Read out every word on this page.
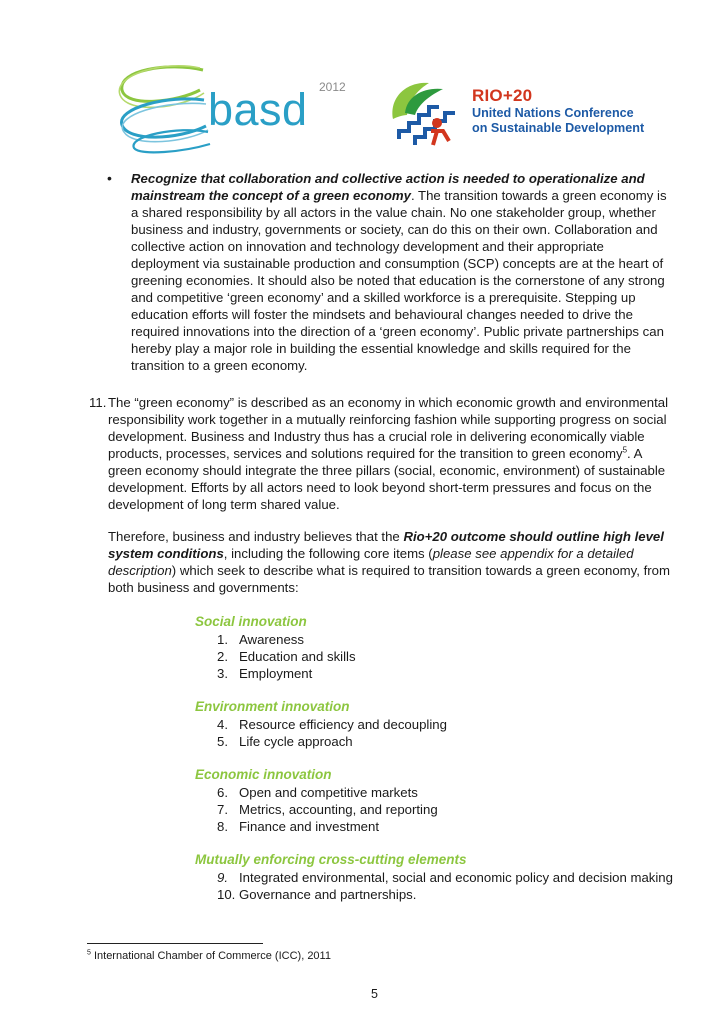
basd 2012	RIO+20
United Nations Conference
on Sustainable Development
• Recognize that collaboration and collective action is needed to operationalize and mainstream the concept of a green economy. The transition towards a green economy is a shared responsibility by all actors in the value chain. No one stakeholder group, whether business and industry, governments or society, can do this on their own. Collaboration and collective action on innovation and technology development and their appropriate deployment via sustainable production and consumption (SCP) concepts are at the heart of greening economies. It should also be noted that education is the cornerstone of any strong and competitive ‘green economy’ and a skilled workforce is a prerequisite. Stepping up education efforts will foster the mindsets and behavioural changes needed to drive the required innovations into the direction of a ‘green economy’. Public private partnerships can hereby play a major role in building the essential knowledge and skills required for the transition to a green economy.

11. The “green economy” is described as an economy in which economic growth and environmental responsibility work together in a mutually reinforcing fashion while supporting progress on social development. Business and Industry thus has a crucial role in delivering economically viable products, processes, services and solutions required for the transition to green economy$^5$. A green economy should integrate the three pillars (social, economic, environment) of sustainable development. Efforts by all actors need to look beyond short-term pressures and focus on the development of long term shared value.

Therefore, business and industry believes that the Rio+20 outcome should outline high level system conditions, including the following core items (please see appendix for a detailed description) which seek to describe what is required to transition towards a green economy, from both business and governments:

Social innovation
1. Awareness
2. Education and skills
3. Employment
Environment innovation
4. Resource efficiency and decoupling
5. Life cycle approach
Economic innovation
6. Open and competitive markets
7. Metrics, accounting, and reporting
8. Finance and investment
Mutually enforcing cross-cutting elements
9. Integrated environmental, social and economic policy and decision making
10. Governance and partnerships.
$^5$ International Chamber of Commerce (ICC), 2011
5
